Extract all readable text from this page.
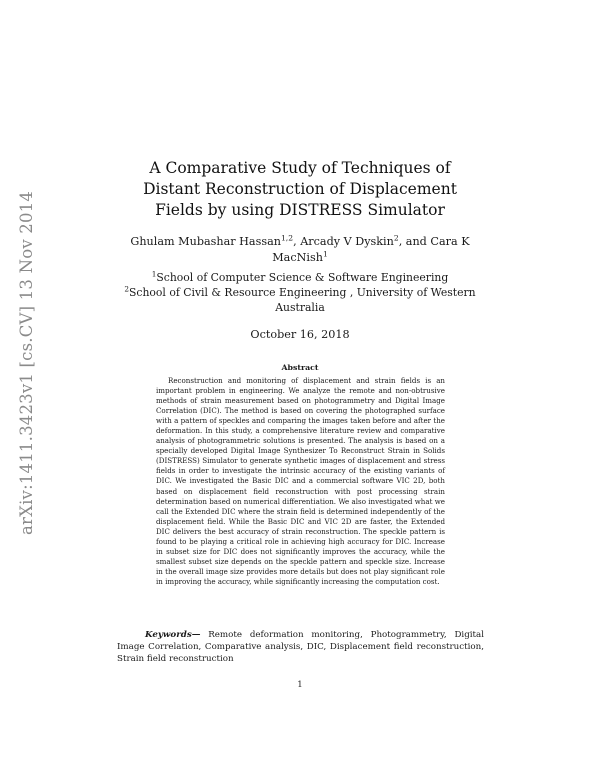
arXiv:1411.3423v1 [cs.CV] 13 Nov 2014
A Comparative Study of Techniques of Distant Reconstruction of Displacement Fields by using DISTRESS Simulator
Ghulam Mubashar Hassan$^{1,2}$, Arcady V Dyskin$^2$, and Cara K MacNish$^1$
$^1$School of Computer Science & Software Engineering
$^2$School of Civil & Resource Engineering , University of Western Australia
October 16, 2018
Abstract
Reconstruction and monitoring of displacement and strain fields is an important problem in engineering. We analyze the remote and non-obtrusive methods of strain measurement based on photogrammetry and Digital Image Correlation (DIC). The method is based on covering the photographed surface with a pattern of speckles and comparing the images taken before and after the deformation. In this study, a comprehensive literature review and comparative analysis of photogrammetric solutions is presented. The analysis is based on a specially developed Digital Image Synthesizer To Reconstruct Strain in Solids (DISTRESS) Simulator to generate synthetic images of displacement and stress fields in order to investigate the intrinsic accuracy of the existing variants of DIC. We investigated the Basic DIC and a commercial software VIC 2D, both based on displacement field reconstruction with post processing strain determination based on numerical differentiation. We also investigated what we call the Extended DIC where the strain field is determined independently of the displacement field. While the Basic DIC and VIC 2D are faster, the Extended DIC delivers the best accuracy of strain reconstruction. The speckle pattern is found to be playing a critical role in achieving high accuracy for DIC. Increase in subset size for DIC does not significantly improves the accuracy, while the smallest subset size depends on the speckle pattern and speckle size. Increase in the overall image size provides more details but does not play significant role in improving the accuracy, while significantly increasing the computation cost.
Keywords— Remote deformation monitoring, Photogrammetry, Digital Image Correlation, Comparative analysis, DIC, Displacement field reconstruction, Strain field reconstruction
1
